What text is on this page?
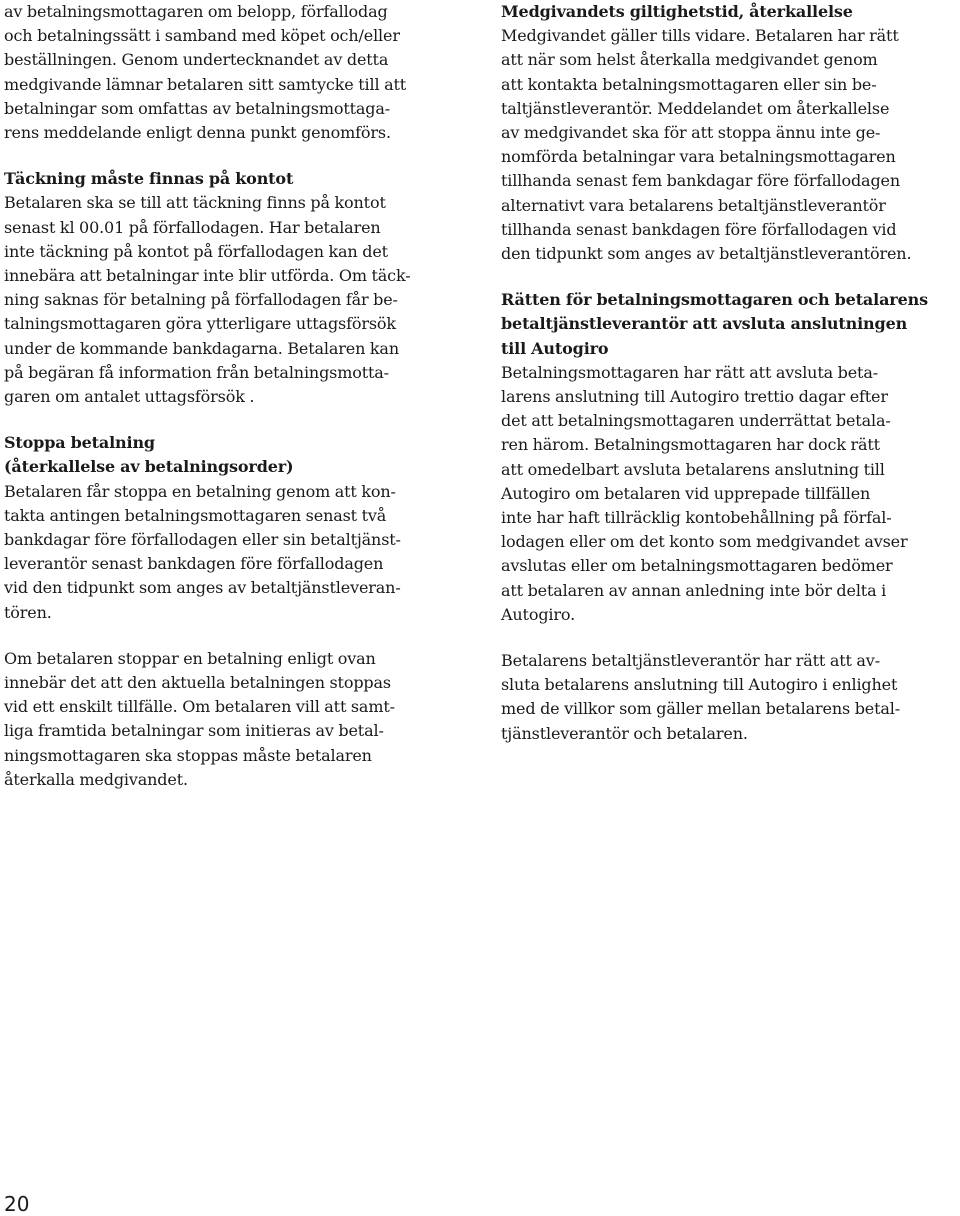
av betalningsmottagaren om belopp, förfallodag
och betalningssätt i samband med köpet och/eller
beställningen. Genom undertecknandet av detta
medgivande lämnar betalaren sitt samtycke till att
betalningar som omfattas av betalningsmottaga-
rens meddelande enligt denna punkt genomförs.

Täckning måste finnas på kontot
Betalaren ska se till att täckning finns på kontot
senast kl 00.01 på förfallodagen. Har betalaren
inte täckning på kontot på förfallodagen kan det
innebära att betalningar inte blir utförda. Om täck-
ning saknas för betalning på förfallodagen får be-
talningsmottagaren göra ytterligare uttagsförsök
under de kommande bankdagarna. Betalaren kan
på begäran få information från betalningsmotta-
garen om antalet uttagsförsök .

Stoppa betalning
(återkallelse av betalningsorder)
Betalaren får stoppa en betalning genom att kon-
takta antingen betalningsmottagaren senast två
bankdagar före förfallodagen eller sin betaltjänst-
leverantör senast bankdagen före förfallodagen
vid den tidpunkt som anges av betaltjänstleveran-
tören.

Om betalaren stoppar en betalning enligt ovan
innebär det att den aktuella betalningen stoppas
vid ett enskilt tillfälle. Om betalaren vill att samt-
liga framtida betalningar som initieras av betal-
ningsmottagaren ska stoppas måste betalaren
återkalla medgivandet.

Medgivandets giltighetstid, återkallelse
Medgivandet gäller tills vidare. Betalaren har rätt
att när som helst återkalla medgivandet genom
att kontakta betalningsmottagaren eller sin be-
taltjänstleverantör. Meddelandet om återkallelse
av medgivandet ska för att stoppa ännu inte ge-
nomförda betalningar vara betalningsmottagaren
tillhanda senast fem bankdagar före förfallodagen
alternativt vara betalarens betaltjänstleverantör
tillhanda senast bankdagen före förfallodagen vid
den tidpunkt som anges av betaltjänstleverantören.

Rätten för betalningsmottagaren och betalarens
betaltjänstleverantör att avsluta anslutningen
till Autogiro
Betalningsmottagaren har rätt att avsluta beta-
larens anslutning till Autogiro trettio dagar efter
det att betalningsmottagaren underrättat betala-
ren härom. Betalningsmottagaren har dock rätt
att omedelbart avsluta betalarens anslutning till
Autogiro om betalaren vid upprepade tillfällen
inte har haft tillräcklig kontobehållning på förfal-
lodagen eller om det konto som medgivandet avser
avslutas eller om betalningsmottagaren bedömer
att betalaren av annan anledning inte bör delta i
Autogiro.

Betalarens betaltjänstleverantör har rätt att av-
sluta betalarens anslutning till Autogiro i enlighet
med de villkor som gäller mellan betalarens betal-
tjänstleverantör och betalaren.

20
